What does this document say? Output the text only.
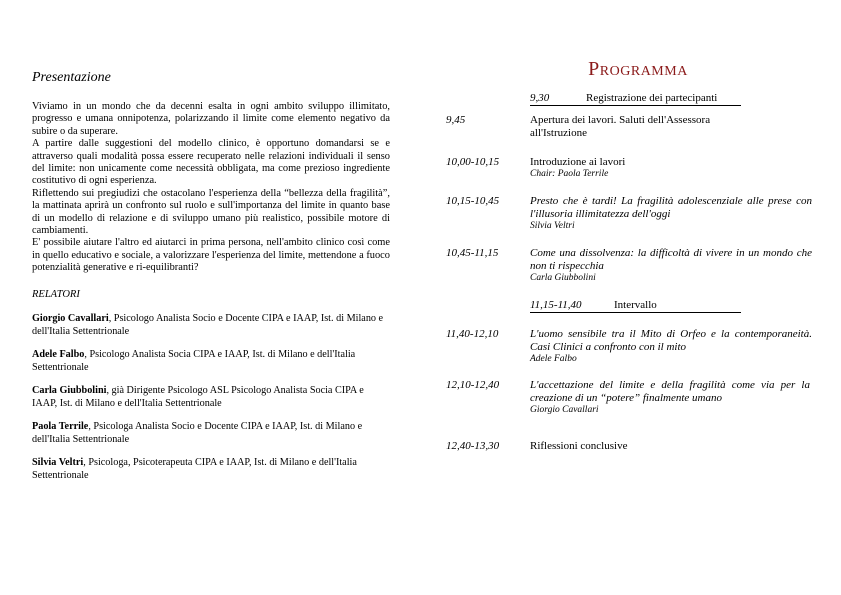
Presentazione

Viviamo in un mondo che da decenni esalta in ogni ambito sviluppo illimitato, progresso e umana onnipotenza, polarizzando il limite come elemento negativo da subire o da superare.

A partire dalle suggestioni del modello clinico, è opportuno domandarsi se e attraverso quali modalità possa essere recuperato nelle relazioni individuali il senso del limite: non unicamente come necessità obbligata, ma come prezioso ingrediente costitutivo di ogni esperienza.

Riflettendo sui pregiudizi che ostacolano l'esperienza della “bellezza della fragilità”, la mattinata aprirà un confronto sul ruolo e sull'importanza del limite in quanto base di un modello di relazione e di sviluppo umano più realistico, possibile motore di cambiamenti.

E' possibile aiutare l'altro ed aiutarci in prima persona, nell'ambito clinico così come in quello educativo e sociale, a valorizzare l'esperienza del limite, mettendone a fuoco potenzialità generative e ri-equilibranti?

RELATORI
Giorgio Cavallari, Psicologo Analista Socio e Docente CIPA e IAAP, Ist. di Milano e dell'Italia Settentrionale
Adele Falbo, Psicologo Analista Socia CIPA e IAAP, Ist. di Milano e dell'Italia Settentrionale
Carla Giubbolini, già Dirigente Psicologo ASL Psicologo Analista Socia CIPA e IAAP, Ist. di Milano e dell'Italia Settentrionale
Paola Terrile, Psicologa Analista Socio e Docente CIPA e IAAP, Ist. di Milano e dell'Italia Settentrionale
Silvia Veltri, Psicologa, Psicoterapeuta CIPA e IAAP, Ist. di Milano e dell'Italia Settentrionale
Programma
9,30	Registrazione dei partecipanti
9,45	Apertura dei lavori. Saluti dell'Assessora all'Istruzione
10,00-10,15	Introduzione ai lavori
Chair: Paola Terrile
10,15-10,45	Presto che è tardi! La fragilità adolescenziale alle prese con l'illusoria illimitatezza dell'oggi
Silvia Veltri
10,45-11,15	Come una dissolvenza: la difficoltà di vivere in un mondo che non ti rispecchia
Carla Giubbolini
11,15-11,40	Intervallo
11,40-12,10	L'uomo sensibile tra il Mito di Orfeo e la contemporaneità. Casi Clinici a confronto con il mito
Adele Falbo
12,10-12,40	L'accettazione del limite e della fragilità come via per la creazione di un “potere” finalmente umano
Giorgio Cavallari
12,40-13,30	Riflessioni conclusive
